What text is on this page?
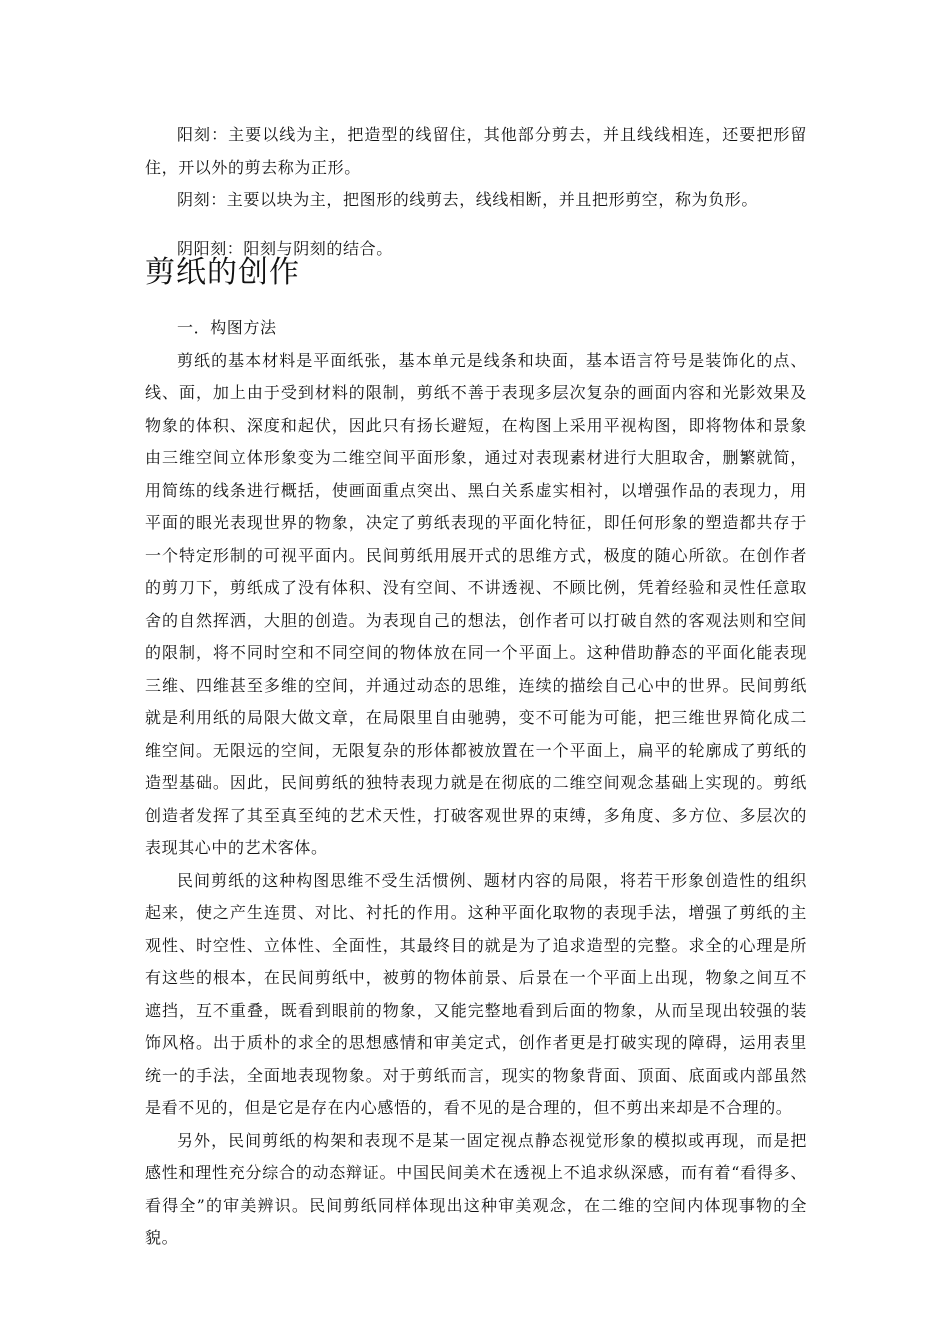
阳刻：主要以线为主，把造型的线留住，其他部分剪去，并且线线相连，还要把形留住，开以外的剪去称为正形。

阴刻：主要以块为主，把图形的线剪去，线线相断，并且把形剪空，称为负形。

阴阳刻：阳刻与阴刻的结合。

剪纸的创作

一．构图方法

剪纸的基本材料是平面纸张，基本单元是线条和块面，基本语言符号是装饰化的点、线、面，加上由于受到材料的限制，剪纸不善于表现多层次复杂的画面内容和光影效果及物象的体积、深度和起伏，因此只有扬长避短，在构图上采用平视构图，即将物体和景象由三维空间立体形象变为二维空间平面形象，通过对表现素材进行大胆取舍，删繁就简，用简练的线条进行概括，使画面重点突出、黑白关系虚实相衬，以增强作品的表现力，用平面的眼光表现世界的物象，决定了剪纸表现的平面化特征，即任何形象的塑造都共存于一个特定形制的可视平面内。民间剪纸用展开式的思维方式，极度的随心所欲。在创作者的剪刀下，剪纸成了没有体积、没有空间、不讲透视、不顾比例，凭着经验和灵性任意取舍的自然挥洒，大胆的创造。为表现自己的想法，创作者可以打破自然的客观法则和空间的限制，将不同时空和不同空间的物体放在同一个平面上。这种借助静态的平面化能表现三维、四维甚至多维的空间，并通过动态的思维，连续的描绘自己心中的世界。民间剪纸就是利用纸的局限大做文章，在局限里自由驰骋，变不可能为可能，把三维世界简化成二维空间。无限远的空间，无限复杂的形体都被放置在一个平面上，扁平的轮廓成了剪纸的造型基础。因此，民间剪纸的独特表现力就是在彻底的二维空间观念基础上实现的。剪纸创造者发挥了其至真至纯的艺术天性，打破客观世界的束缚，多角度、多方位、多层次的表现其心中的艺术客体。

民间剪纸的这种构图思维不受生活惯例、题材内容的局限，将若干形象创造性的组织起来，使之产生连贯、对比、衬托的作用。这种平面化取物的表现手法，增强了剪纸的主观性、时空性、立体性、全面性，其最终目的就是为了追求造型的完整。求全的心理是所有这些的根本，在民间剪纸中，被剪的物体前景、后景在一个平面上出现，物象之间互不遮挡，互不重叠，既看到眼前的物象，又能完整地看到后面的物象，从而呈现出较强的装饰风格。出于质朴的求全的思想感情和审美定式，创作者更是打破实现的障碍，运用表里统一的手法，全面地表现物象。对于剪纸而言，现实的物象背面、顶面、底面或内部虽然是看不见的，但是它是存在内心感悟的，看不见的是合理的，但不剪出来却是不合理的。

另外，民间剪纸的构架和表现不是某一固定视点静态视觉形象的模拟或再现，而是把感性和理性充分综合的动态辩证。中国民间美术在透视上不追求纵深感，而有着“看得多、看得全”的审美辨识。民间剪纸同样体现出这种审美观念，在二维的空间内体现事物的全貌。
